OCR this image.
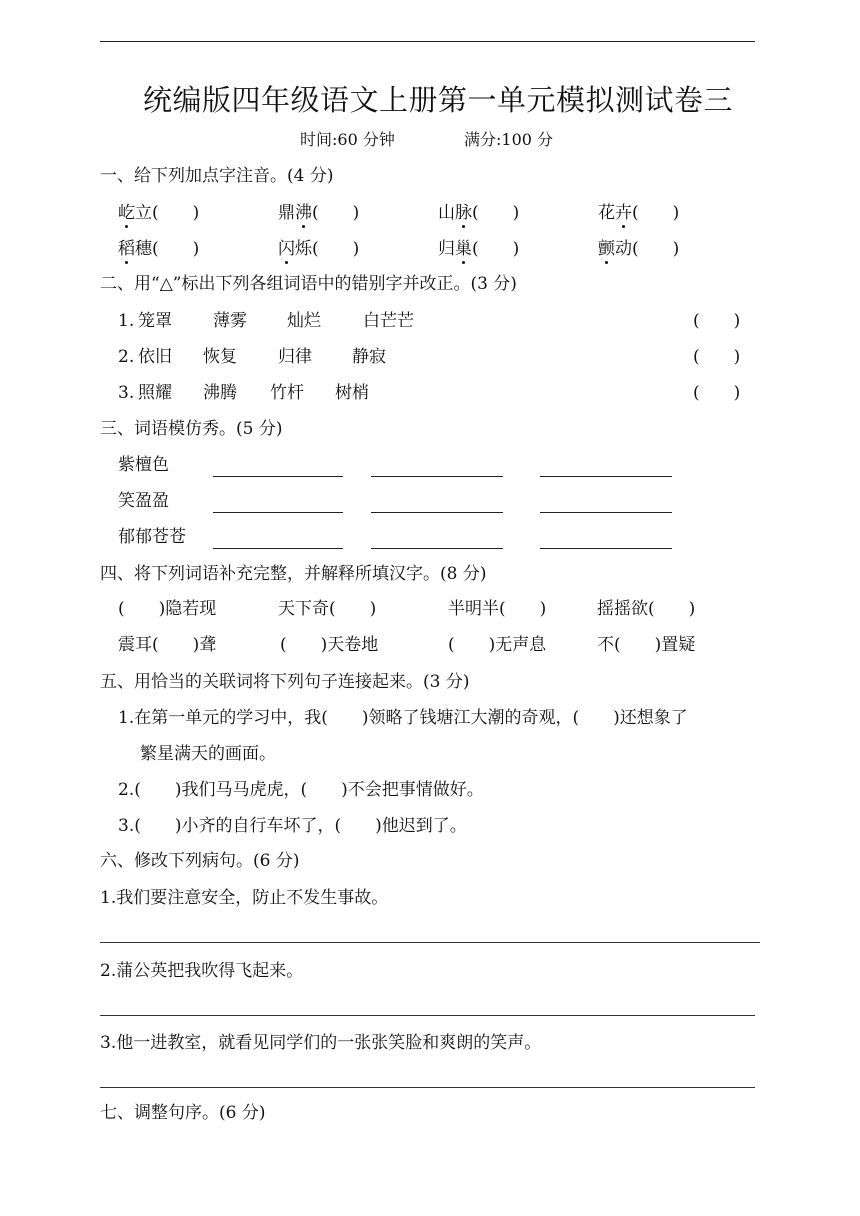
统编版四年级语文上册第一单元模拟测试卷三
时间:60 分钟	满分:100 分
一、给下列加点字注音。(4 分)
屹立(　　)	鼎沸(　　)	山脉(　　)	花卉(　　)
稻穗(　　)	闪烁(　　)	归巢(　　)	颤动(　　)
二、用“△”标出下列各组词语中的错别字并改正。(3 分)
1. 笼罩 薄雾 灿烂 白芒芒	(　　)
2. 依旧 恢复 归律 静寂	(　　)
3. 照耀 沸腾 竹杆 树梢	(　　)
三、词语模仿秀。(5 分)
紫檀色
笑盈盈
郁郁苍苍
四、将下列词语补充完整，并解释所填汉字。(8 分)
(　　)隐若现	天下奇(　　)	半明半(　　)	摇摇欲(　　)
震耳(　　)聋	(　　)天卷地	(　　)无声息	不(　　)置疑
五、用恰当的关联词将下列句子连接起来。(3 分)
1.在第一单元的学习中，我(　　)领略了钱塘江大潮的奇观，(　　)还想象了
繁星满天的画面。
2.(　　)我们马马虎虎，(　　)不会把事情做好。
3.(　　)小齐的自行车坏了，(　　)他迟到了。
六、修改下列病句。(6 分)
1.我们要注意安全，防止不发生事故。
2.蒲公英把我吹得飞起来。
3.他一进教室，就看见同学们的一张张笑脸和爽朗的笑声。
七、调整句序。(6 分)
